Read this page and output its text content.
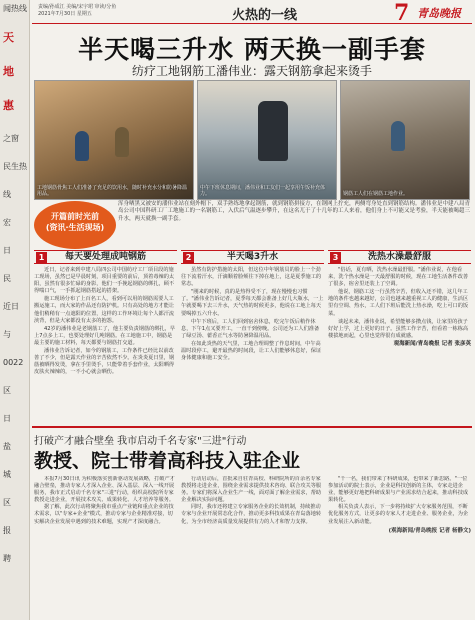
闻热线
天
地
惠
之窗
民生热
线
宏
日
民
近日
与
0022
区
日
盐
城
区
报
聘
责编/孙成江 美编/宋宇珺 审读/分鱼
2021年7月30日 星期五	火热的一线	7 青岛晚报
半天喝三升水 两天换一副手套
纺疗工地钢筋工潘伟业：露天钢筋拿起来烫手
工地钢筋骨焦工人们准备了充足的饮用水，随时补充水分和防暑降温用品。
中午下班休息期间，潘伟业和工友们一起享用午饭补充体力。	钢筋工人们在钢筋工地作业。
开篇前时光前
(资讯·生活现场)
浑身晒黑又被安的潘伟业站在刻外帽下，双手熟练地拿起钢筋，就到钢筋拼接方，在钢网上拧充，两侧弯身处直到钢筋结构。潘伟业是中建八局青岛公司中国科研工厂工地施工的一名钢筋工，入伏后气温逐步攀升，在这名兀于了十几年的工人来看，他们身上不可能又是考验，半天能被喝超三升水，两天就换一副手套。
1	每天要处理成吨钢筋

近日，记者来到中建八局四公司中国纺疗工厂项目段的施工现场，虽然已是早晨时刻，项目重要的前后，顶着毒辣的太阳，虽然有很多忙碌的身影，他们一手挽起钢筋的绑扎，顾不得喘口气，一手抓起钢筋搭起的搭架。

施工现场分布了上百名工人，看到可以用的钢筋需要人工搬运施工，而大家的作品还有防护机。只有高处的地方才能让他们稍稍有一点遮阳的位置，这样的工作环境让每个人都汗流浃背，但是大家都没有太多的抱怨。

42岁的潘伟业是老钢筋工了，他主要负责钢筋的绑扎，早上7点多上工，也要处理好几吨钢筋。在工地施工中，钢筋是最主要的施工材料，每天都要与钢筋打交道。

潘伟业告诉记者，如今的钢筋工，工作条件已经比以前改善了不少，但是露天作业的辛苦依然不少。在炎炎夏日里，钢筋被晒得发烫，拿在手里烫手，只能带着手套作业，太阳晒得皮肤火辣辣的，一不小心就会晒伤。

2	半天喝3升水

虽然有防护措施的太阳，但这位中年钢筋员的脸上一个劲往下流着汗水，汗滴顺着脸颊往下掉在地上，这是夏季施工的常态。

"刚来的时候，真的是热得受不了，现在慢慢也习惯了。"潘伟业告诉记者，夏季每天都会准备上好几大瓶水，一上午就要喝下去三升水，天气热的时候更多，他说在工地上每天要喝掉五六升水。

中午下班后，工人们回到宿舍休息，吃完午饭后稍作休息，下午1点又要开工，一直干到傍晚。公司还为工人们准备了绿豆汤、藿香正气水等防暑降温用品。

在如此炎热的天气里，工地合理调整了作息时间，中午高温时段停工，避开最热的时间段，让工人们能够休息好，保证身体健康和施工安全。

3	洗热水澡最舒服

"俗话，夏有晒，洗热水澡最舒服。"潘伟业说，在他看来，洗个热水澡是一天最舒服的时候，现在工地生活条件改善了很多，宿舍里还装上了空调。

他说，钢筋工这一行虽然辛苦，但收入还不错，这几年工地的条件也越来越好，公司也越来越重视工人的健康，生活区里有空调、热水，工人们下班后能洗上热水澡，吃上可口的饭菜。

谈起未来，潘伟业说，希望能够多攒点钱，让家里的孩子好好上学，过上更好的日子。虽然工作辛苦，但看着一栋栋高楼拔地而起，心里也觉得很有成就感。

观海新闻/青岛晚报 记者 张彦英

打破产才融合壁垒 我市启动千名专家"三进"行动
教授、院士带着高科技入驻企业

本报7月30日讯 为积极落实创新驱动发展战略，打破产才融合壁垒，推动专家人才深入企业、深入基层、深入一线开展服务，我市正式启动千名专家"三进"行动，组织高校院所专家教授走进企业，开展技术攻关、成果转化、人才培养等服务。

据了解，此次行动将聚焦我市重点产业链和重点企业的技术需求，以"专家+企业"模式，推动专家与企业精准对接，切实解决企业发展中遇到的技术难题，实现产才深度融合。

行动启动后，首批来自驻青高校、科研院所的百余名专家教授将走进企业，围绕企业需求提供技术咨询、联合攻关等服务。专家们将深入企业生产一线，面对面了解企业需求，帮助企业解决实际问题。

同时，我市还将建立专家服务企业的长效机制，持续推动专家与企业开展常态化合作，推动更多科技成果在青岛落地转化，为全市经济高质量发展提供有力的人才和智力支撑。

"千一名，我们带来了科研成果，也带来了新思路。"一位参加活动的院士表示，企业是科技创新的主体，专家走进企业，能够更好地把科研成果与产业需求结合起来，推动科技成果转化。

相关负责人表示，下一步将持续扩大专家服务范围，不断优化服务方式，让更多的专家人才走进企业、服务企业，为企业发展注入新动能。

(观海新闻/青岛晚报 记者 杨静文)
